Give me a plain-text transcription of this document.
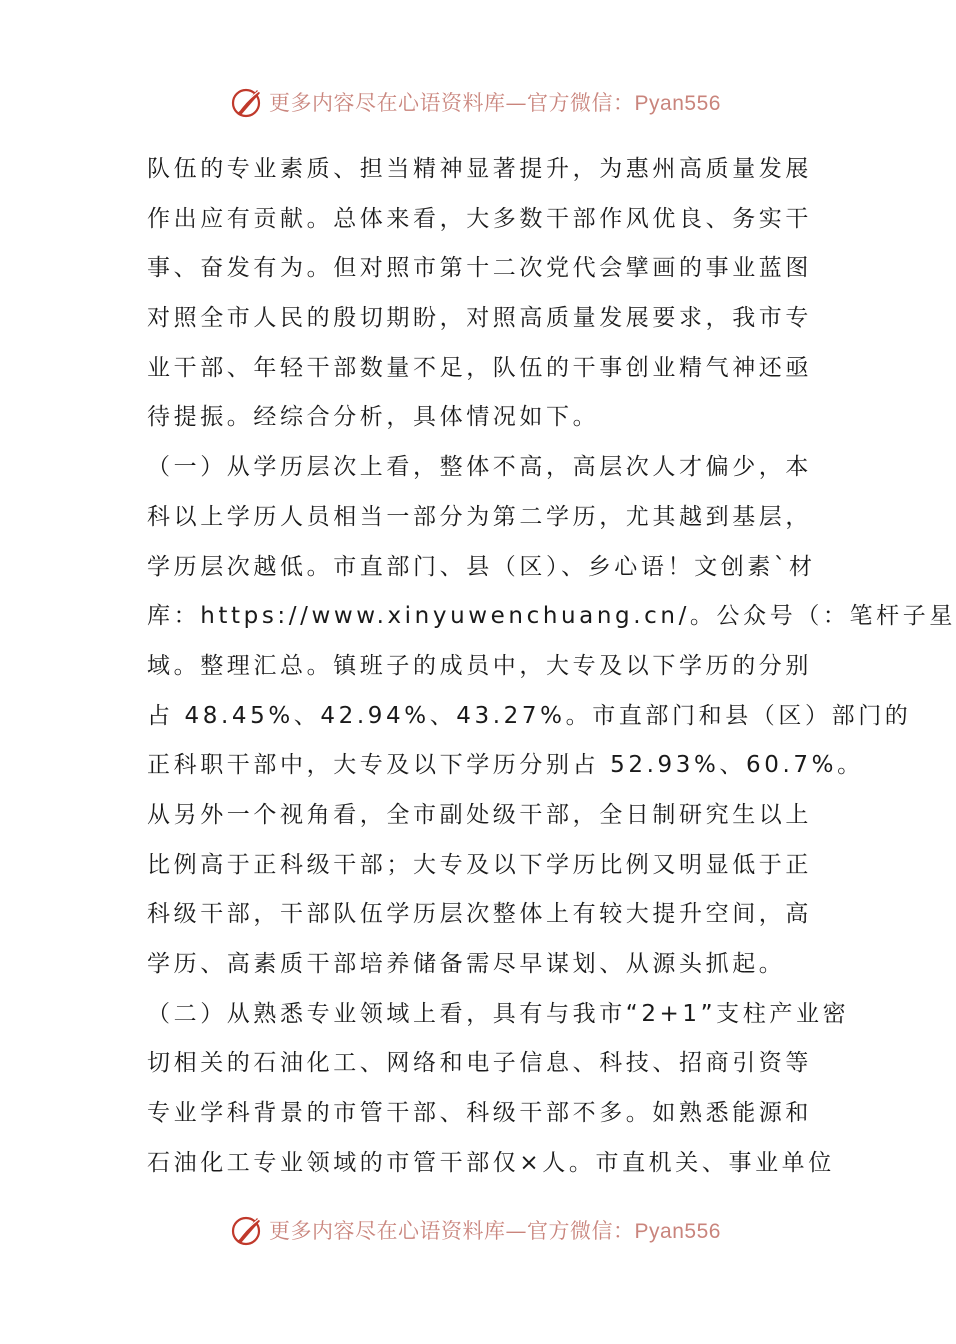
更多内容尽在心语资料库—官方微信：Pyan556
队伍的专业素质、担当精神显著提升，为惠州高质量发展
作出应有贡献。总体来看，大多数干部作风优良、务实干
事、奋发有为。但对照市第十二次党代会擘画的事业蓝图
对照全市人民的殷切期盼，对照高质量发展要求，我市专
业干部、年轻干部数量不足，队伍的干事创业精气神还亟
待提振。经综合分析，具体情况如下。
（一）从学历层次上看，整体不高，高层次人才偏少，本
科以上学历人员相当一部分为第二学历，尤其越到基层，
学历层次越低。市直部门、县（区）、乡心语！文创素`材
库：https://www.xinyuwenchuang.cn/。公众号（：笔杆子星
域。整理汇总。镇班子的成员中，大专及以下学历的分别
占 48.45%、42.94%、43.27%。市直部门和县（区）部门的
正科职干部中，大专及以下学历分别占 52.93%、60.7%。
从另外一个视角看，全市副处级干部，全日制研究生以上
比例高于正科级干部；大专及以下学历比例又明显低于正
科级干部，干部队伍学历层次整体上有较大提升空间，高
学历、高素质干部培养储备需尽早谋划、从源头抓起。
（二）从熟悉专业领域上看，具有与我市“2+1”支柱产业密
切相关的石油化工、网络和电子信息、科技、招商引资等
专业学科背景的市管干部、科级干部不多。如熟悉能源和
石油化工专业领域的市管干部仅×人。市直机关、事业单位
更多内容尽在心语资料库—官方微信：Pyan556
